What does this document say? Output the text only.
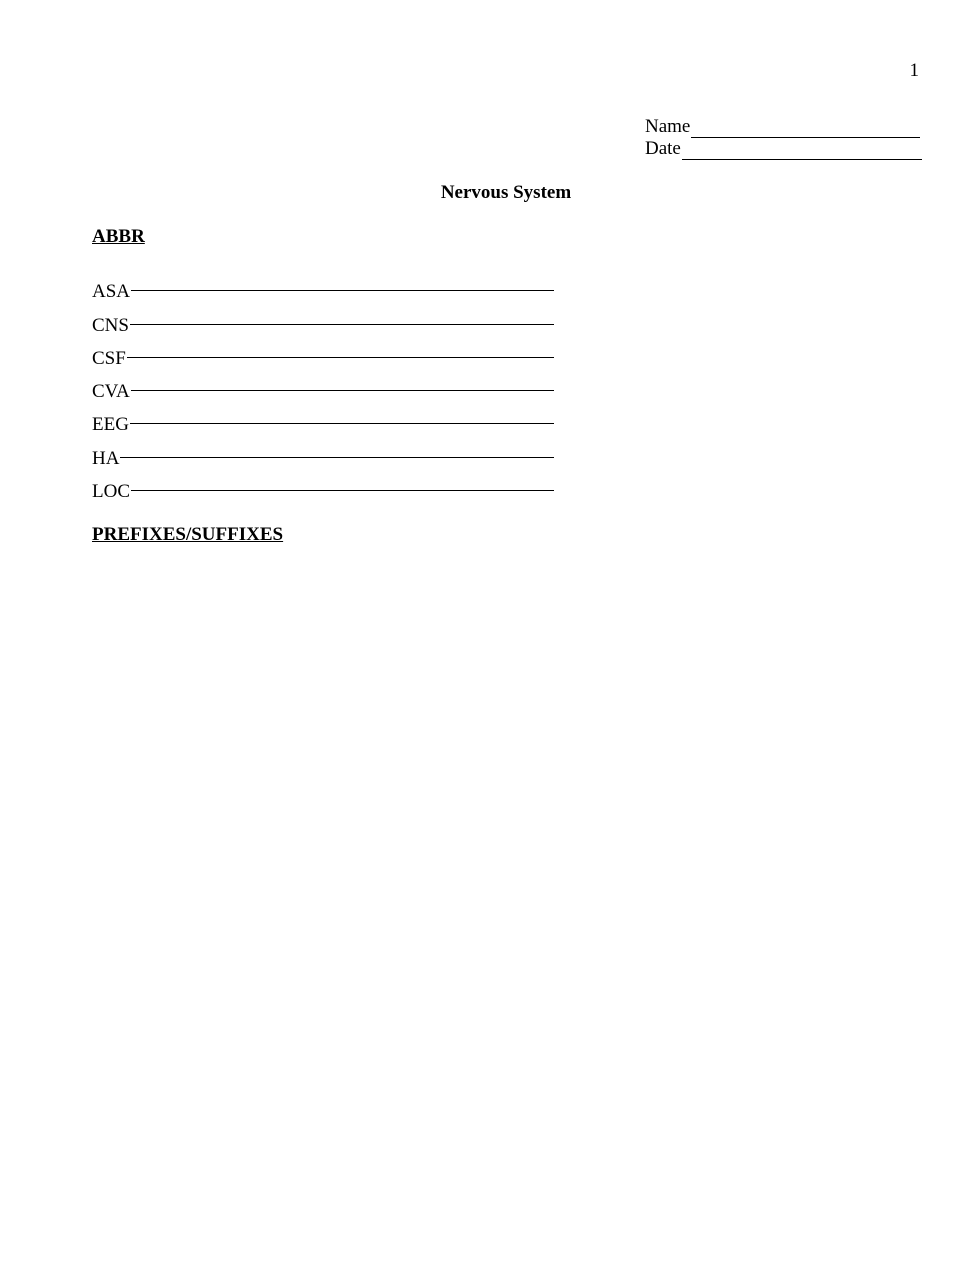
1
Name
Date
Nervous System
ABBR
ASA
CNS
CSF
CVA
EEG
HA
LOC
PREFIXES/SUFFIXES
